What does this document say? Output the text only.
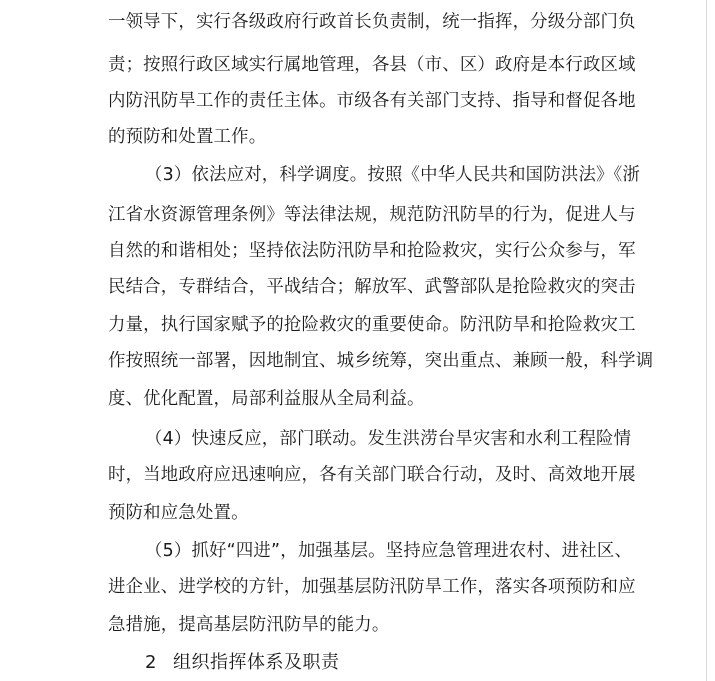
一领导下，实行各级政府行政首长负责制，统一指挥，分级分部门负
责；按照行政区域实行属地管理，各县（市、区）政府是本行政区域
内防汛防旱工作的责任主体。市级各有关部门支持、指导和督促各地
的预防和处置工作。
（3）依法应对，科学调度。按照《中华人民共和国防洪法》《浙
江省水资源管理条例》等法律法规，规范防汛防旱的行为，促进人与
自然的和谐相处；坚持依法防汛防旱和抢险救灾，实行公众参与，军
民结合，专群结合，平战结合；解放军、武警部队是抢险救灾的突击
力量，执行国家赋予的抢险救灾的重要使命。防汛防旱和抢险救灾工
作按照统一部署，因地制宜、城乡统筹，突出重点、兼顾一般，科学调
度、优化配置，局部利益服从全局利益。
（4）快速反应，部门联动。发生洪涝台旱灾害和水利工程险情
时，当地政府应迅速响应，各有关部门联合行动，及时、高效地开展
预防和应急处置。
（5）抓好“四进”，加强基层。坚持应急管理进农村、进社区、
进企业、进学校的方针，加强基层防汛防旱工作，落实各项预防和应
急措施，提高基层防汛防旱的能力。
2 组织指挥体系及职责
